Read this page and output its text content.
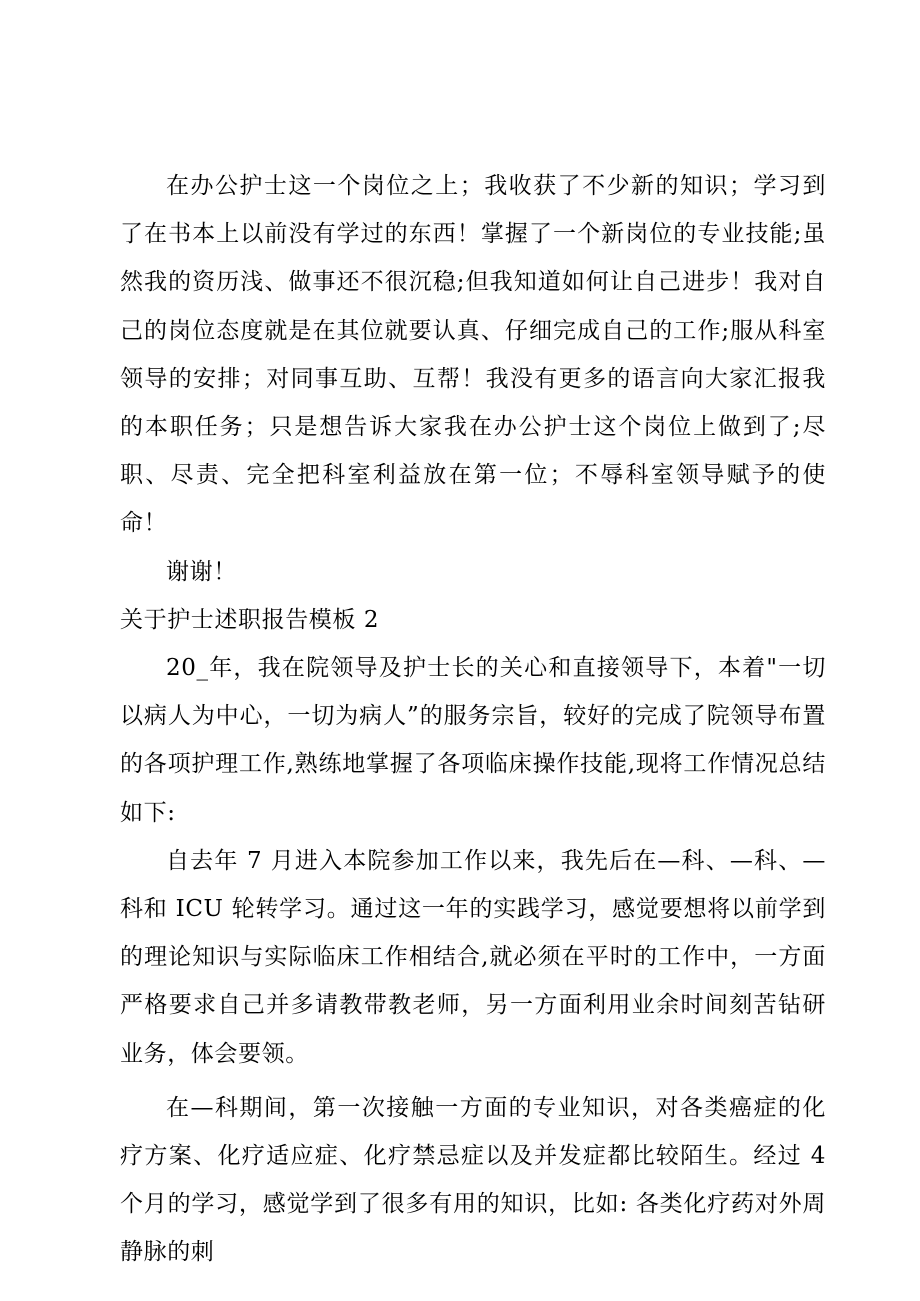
在办公护士这一个岗位之上；我收获了不少新的知识；学习到了在书本上以前没有学过的东西！掌握了一个新岗位的专业技能;虽然我的资历浅、做事还不很沉稳;但我知道如何让自己进步！我对自己的岗位态度就是在其位就要认真、仔细完成自己的工作;服从科室领导的安排；对同事互助、互帮！我没有更多的语言向大家汇报我的本职任务；只是想告诉大家我在办公护士这个岗位上做到了;尽职、尽责、完全把科室利益放在第一位；不辱科室领导赋予的使命！

谢谢！

关于护士述职报告模板 2

20_年，我在院领导及护士长的关心和直接领导下，本着"一切以病人为中心，一切为病人”的服务宗旨，较好的完成了院领导布置的各项护理工作,熟练地掌握了各项临床操作技能,现将工作情况总结如下:

自去年 7 月进入本院参加工作以来，我先后在—科、—科、—科和 ICU 轮转学习。通过这一年的实践学习，感觉要想将以前学到的理论知识与实际临床工作相结合,就必须在平时的工作中，一方面严格要求自己并多请教带教老师，另一方面利用业余时间刻苦钻研业务，体会要领。

在—科期间，第一次接触一方面的专业知识，对各类癌症的化疗方案、化疗适应症、化疗禁忌症以及并发症都比较陌生。经过 4 个月的学习，感觉学到了很多有用的知识，比如: 各类化疗药对外周静脉的刺
